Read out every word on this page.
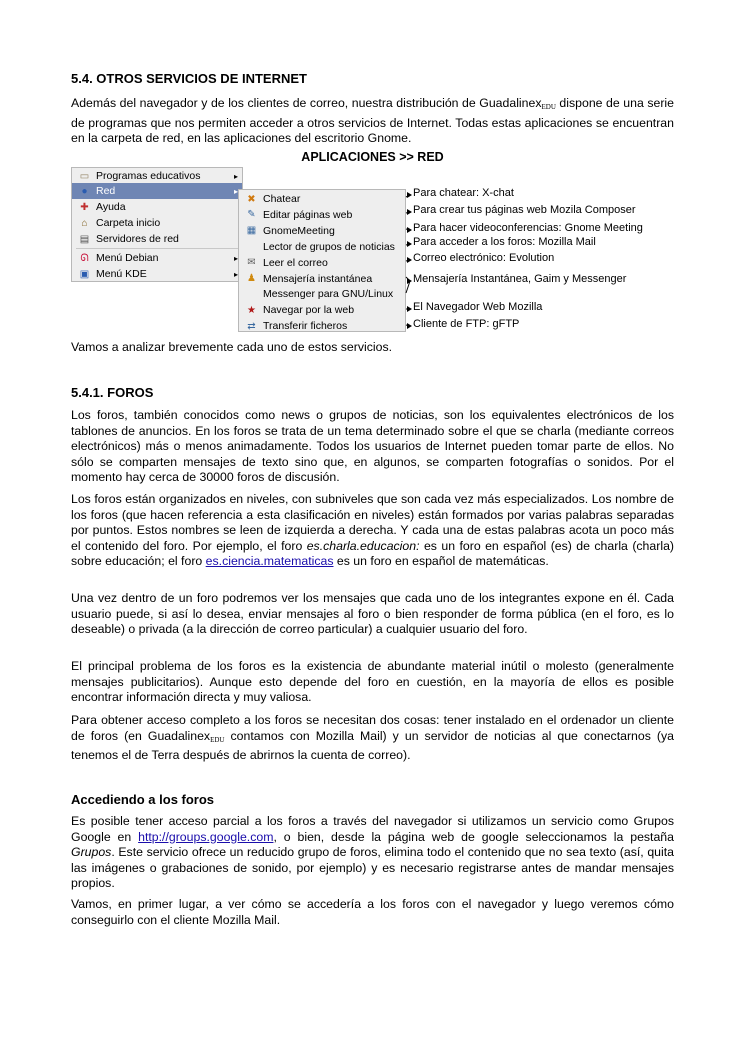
5.4. OTROS SERVICIOS DE INTERNET

Además del navegador y de los clientes de correo, nuestra distribución de Guadalinex$_{EDU}$ dispone de una serie de programas que nos permiten acceder a otros servicios de Internet. Todas estas aplicaciones se encuentran en la carpeta de red, en las aplicaciones del escritorio Gnome.

APLICACIONES >> RED
▭ Programas educativos	▸
● Red	▸
✚ Ayuda
⌂ Carpeta inicio
▤ Servidores de red
ᘏ Menú Debian	▸
▣ Menú KDE	▸
✖ Chatear
✎ Editar páginas web
▦ GnomeMeeting
Lector de grupos de noticias
✉ Leer el correo
♟ Mensajería instantánea
Messenger para GNU/Linux
★ Navegar por la web
⇄ Transferir ficheros
Para chatear: X-chat
Para crear tus páginas web Mozila Composer
Para hacer videoconferencias: Gnome Meeting
Para acceder a los foros: Mozilla Mail
Correo electrónico: Evolution
Mensajería Instantánea, Gaim y Messenger
El Navegador Web Mozilla
Cliente de FTP: gFTP

Vamos a analizar brevemente cada uno de estos servicios.

5.4.1. FOROS

Los foros, también conocidos como news o grupos de noticias, son los equivalentes electrónicos de los tablones de anuncios. En los foros se trata de un tema determinado sobre el que se charla (mediante correos electrónicos) más o menos animadamente. Todos los usuarios de Internet pueden tomar parte de ellos. No sólo se comparten mensajes de texto sino que, en algunos, se comparten fotografías o sonidos. Por el momento hay cerca de 30000 foros de discusión.

Los foros están organizados en niveles, con subniveles que son cada vez más especializados. Los nombre de los foros (que hacen referencia a esta clasificación en niveles) están formados por varias palabras separadas por puntos. Estos nombres se leen de izquierda a derecha. Y cada una de estas palabras acota un poco más el contenido del foro. Por ejemplo, el foro es.charla.educacion: es un foro en español (es) de charla (charla) sobre educación; el foro es.ciencia.matematicas es un foro en español de matemáticas.

Una vez dentro de un foro podremos ver los mensajes que cada uno de los integrantes expone en él. Cada usuario puede, si así lo desea, enviar mensajes al foro o bien responder de forma pública (en el foro, es lo deseable) o privada (a la dirección de correo particular) a cualquier usuario del foro.

El principal problema de los foros es la existencia de abundante material inútil o molesto (generalmente mensajes publicitarios). Aunque esto depende del foro en cuestión, en la mayoría de ellos es posible encontrar información directa y muy valiosa.

Para obtener acceso completo a los foros se necesitan dos cosas: tener instalado en el ordenador un cliente de foros (en Guadalinex$_{EDU}$ contamos con Mozilla Mail) y un servidor de noticias al que conectarnos (ya tenemos el de Terra después de abrirnos la cuenta de correo).

Accediendo a los foros

Es posible tener acceso parcial a los foros a través del navegador si utilizamos un servicio como Grupos Google en http://groups.google.com, o bien, desde la página web de google seleccionamos la pestaña Grupos. Este servicio ofrece un reducido grupo de foros, elimina todo el contenido que no sea texto (así, quita las imágenes o grabaciones de sonido, por ejemplo) y es necesario registrarse antes de mandar mensajes propios.

Vamos, en primer lugar, a ver cómo se accedería a los foros con el navegador y luego veremos cómo conseguirlo con el cliente Mozilla Mail.
